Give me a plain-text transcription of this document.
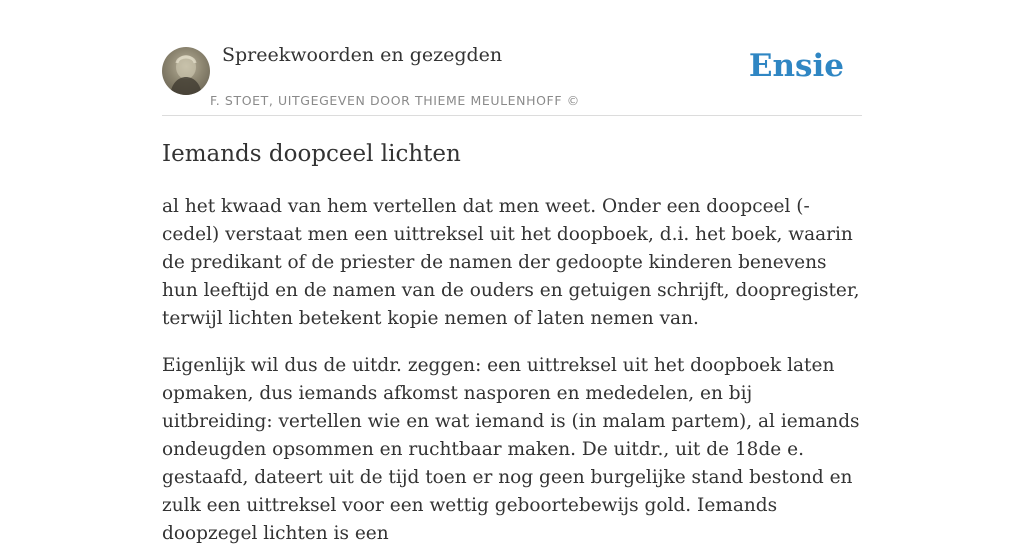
Spreekwoorden en gezegden
F. STOET, UITGEGEVEN DOOR THIEME MEULENHOFF ©
Ensie
Iemands doopceel lichten

al het kwaad van hem vertellen dat men weet. Onder een doopceel (-cedel) verstaat men een uittreksel uit het doopboek, d.i. het boek, waarin de predikant of de priester de namen der gedoopte kinderen benevens hun leeftijd en de namen van de ouders en getuigen schrijft, doopregister, terwijl lichten betekent kopie nemen of laten nemen van.

Eigenlijk wil dus de uitdr. zeggen: een uittreksel uit het doopboek laten opmaken, dus iemands afkomst nasporen en mededelen, en bij uitbreiding: vertellen wie en wat iemand is (in malam partem), al iemands ondeugden opsommen en ruchtbaar maken. De uitdr., uit de 18de e. gestaafd, dateert uit de tijd toen er nog geen burgelijke stand bestond en zulk een uittreksel voor een wettig geboortebewijs gold. Iemands doopzegel lichten is een
